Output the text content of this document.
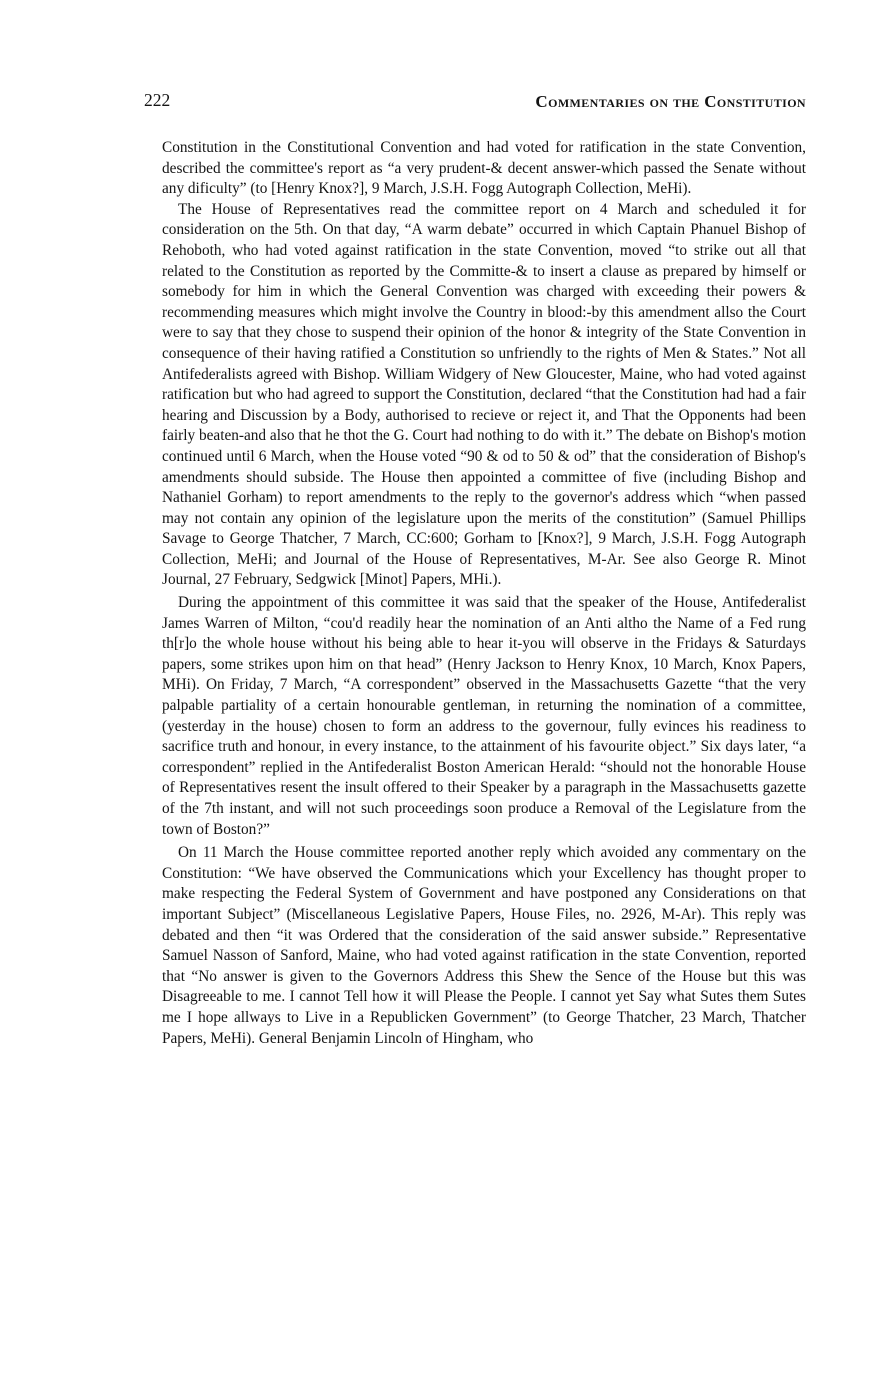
222	Commentaries on the Constitution

Constitution in the Constitutional Convention and had voted for ratification in the state Convention, described the committee's report as “a very prudent-& decent answer-which passed the Senate without any dificulty” (to [Henry Knox?], 9 March, J.S.H. Fogg Autograph Collection, MeHi).

The House of Representatives read the committee report on 4 March and scheduled it for consideration on the 5th. On that day, “A warm debate” occurred in which Captain Phanuel Bishop of Rehoboth, who had voted against ratification in the state Convention, moved “to strike out all that related to the Constitution as reported by the Committe-& to insert a clause as prepared by himself or somebody for him in which the General Convention was charged with exceeding their powers & recommending measures which might involve the Country in blood:-by this amendment allso the Court were to say that they chose to suspend their opinion of the honor & integrity of the State Convention in consequence of their having ratified a Constitution so unfriendly to the rights of Men & States.” Not all Antifederalists agreed with Bishop. William Widgery of New Gloucester, Maine, who had voted against ratification but who had agreed to support the Constitution, declared “that the Constitution had had a fair hearing and Discussion by a Body, authorised to recieve or reject it, and That the Opponents had been fairly beaten-and also that he thot the G. Court had nothing to do with it.” The debate on Bishop's motion continued until 6 March, when the House voted “90 & od to 50 & od” that the consideration of Bishop's amendments should subside. The House then appointed a committee of five (including Bishop and Nathaniel Gorham) to report amendments to the reply to the governor's address which “when passed may not contain any opinion of the legislature upon the merits of the constitution” (Samuel Phillips Savage to George Thatcher, 7 March, CC:600; Gorham to [Knox?], 9 March, J.S.H. Fogg Autograph Collection, MeHi; and Journal of the House of Representatives, M-Ar. See also George R. Minot Journal, 27 February, Sedgwick [Minot] Papers, MHi.).

During the appointment of this committee it was said that the speaker of the House, Antifederalist James Warren of Milton, “cou'd readily hear the nomination of an Anti altho the Name of a Fed rung th[r]o the whole house without his being able to hear it-you will observe in the Fridays & Saturdays papers, some strikes upon him on that head” (Henry Jackson to Henry Knox, 10 March, Knox Papers, MHi). On Friday, 7 March, “A correspondent” observed in the Massachusetts Gazette “that the very palpable partiality of a certain honourable gentleman, in returning the nomination of a committee, (yesterday in the house) chosen to form an address to the governour, fully evinces his readiness to sacrifice truth and honour, in every instance, to the attainment of his favourite object.” Six days later, “a correspondent” replied in the Antifederalist Boston American Herald: “should not the honorable House of Representatives resent the insult offered to their Speaker by a paragraph in the Massachusetts gazette of the 7th instant, and will not such proceedings soon produce a Removal of the Legislature from the town of Boston?”

On 11 March the House committee reported another reply which avoided any commentary on the Constitution: “We have observed the Communications which your Excellency has thought proper to make respecting the Federal System of Government and have postponed any Considerations on that important Subject” (Miscellaneous Legislative Papers, House Files, no. 2926, M-Ar). This reply was debated and then “it was Ordered that the consideration of the said answer subside.” Representative Samuel Nasson of Sanford, Maine, who had voted against ratification in the state Convention, reported that “No answer is given to the Governors Address this Shew the Sence of the House but this was Disagreeable to me. I cannot Tell how it will Please the People. I cannot yet Say what Sutes them Sutes me I hope allways to Live in a Republicken Government” (to George Thatcher, 23 March, Thatcher Papers, MeHi). General Benjamin Lincoln of Hingham, who
